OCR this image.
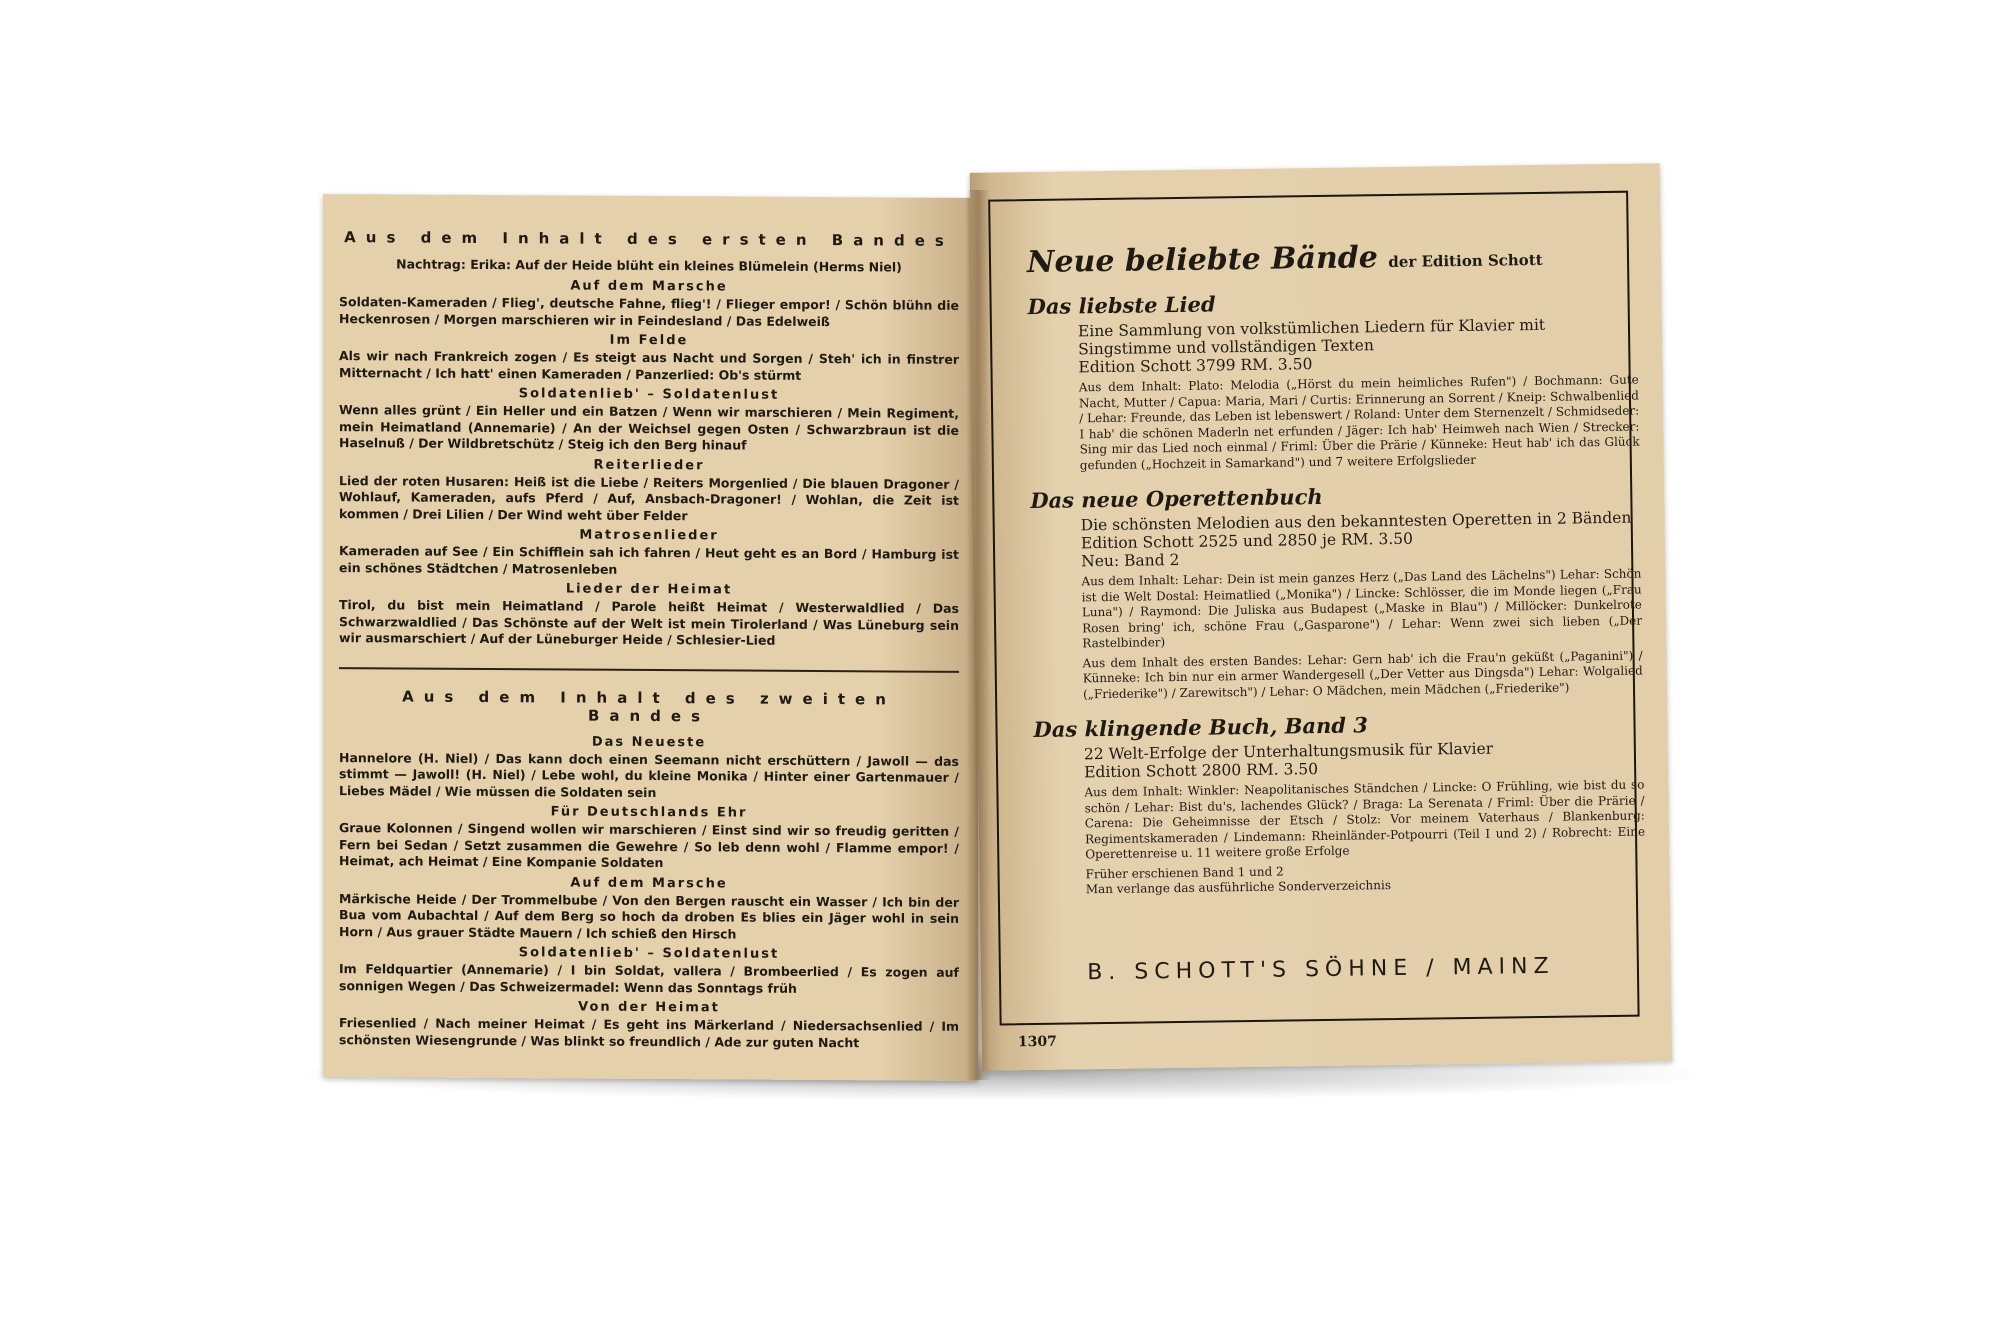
Aus dem Inhalt des ersten Bandes
Nachtrag: Erika: Auf der Heide blüht ein kleines Blümelein (Herms Niel)
Auf dem Marsche
Soldaten-Kameraden / Flieg', deutsche Fahne, flieg'! / Flieger empor! / Schön blühn die Heckenrosen / Morgen marschieren wir in Feindesland / Das Edelweiß
Im Felde
Als wir nach Frankreich zogen / Es steigt aus Nacht und Sorgen / Steh' ich in finstrer Mitternacht / Ich hatt' einen Kameraden / Panzerlied: Ob's stürmt
Soldatenlieb' – Soldatenlust
Wenn alles grünt / Ein Heller und ein Batzen / Wenn wir marschieren / Mein Regiment, mein Heimatland (Annemarie) / An der Weichsel gegen Osten / Schwarzbraun ist die Haselnuß / Der Wildbretschütz / Steig ich den Berg hinauf
Reiterlieder
Lied der roten Husaren: Heiß ist die Liebe / Reiters Morgenlied / Die blauen Dragoner / Wohlauf, Kameraden, aufs Pferd / Auf, Ansbach-Dragoner! / Wohlan, die Zeit ist kommen / Drei Lilien / Der Wind weht über Felder
Matrosenlieder
Kameraden auf See / Ein Schifflein sah ich fahren / Heut geht es an Bord / Hamburg ist ein schönes Städtchen / Matrosenleben
Lieder der Heimat
Tirol, du bist mein Heimatland / Parole heißt Heimat / Westerwaldlied / Das Schwarzwaldlied / Das Schönste auf der Welt ist mein Tirolerland / Was Lüneburg sein wir ausmarschiert / Auf der Lüneburger Heide / Schlesier-Lied
Aus dem Inhalt des zweiten Bandes
Das Neueste
Hannelore (H. Niel) / Das kann doch einen Seemann nicht erschüttern / Jawoll — das stimmt — Jawoll! (H. Niel) / Lebe wohl, du kleine Monika / Hinter einer Gartenmauer / Liebes Mädel / Wie müssen die Soldaten sein
Für Deutschlands Ehr
Graue Kolonnen / Singend wollen wir marschieren / Einst sind wir so freudig geritten / Fern bei Sedan / Setzt zusammen die Gewehre / So leb denn wohl / Flamme empor! / Heimat, ach Heimat / Eine Kompanie Soldaten
Auf dem Marsche
Märkische Heide / Der Trommelbube / Von den Bergen rauscht ein Wasser / Ich bin der Bua vom Aubachtal / Auf dem Berg so hoch da droben Es blies ein Jäger wohl in sein Horn / Aus grauer Städte Mauern / Ich schieß den Hirsch
Soldatenlieb' – Soldatenlust
Im Feldquartier (Annemarie) / I bin Soldat, vallera / Brombeerlied / Es zogen auf sonnigen Wegen / Das Schweizermadel: Wenn das Sonntags früh
Von der Heimat
Friesenlied / Nach meiner Heimat / Es geht ins Märkerland / Niedersachsenlied / Im schönsten Wiesengrunde / Was blinkt so freundlich / Ade zur guten Nacht
Neue beliebte Bände der Edition Schott
Das liebste Lied
Eine Sammlung von volkstümlichen Liedern für Klavier mit Singstimme und vollständigen Texten
Edition Schott 3799 RM. 3.50
Aus dem Inhalt: Plato: Melodia („Hörst du mein heimliches Rufen") / Bochmann: Gute Nacht, Mutter / Capua: Maria, Mari / Curtis: Erinnerung an Sorrent / Kneip: Schwalbenlied / Lehar: Freunde, das Leben ist lebenswert / Roland: Unter dem Sternenzelt / Schmidseder: I hab' die schönen Maderln net erfunden / Jäger: Ich hab' Heimweh nach Wien / Strecker: Sing mir das Lied noch einmal / Friml: Über die Prärie / Künneke: Heut hab' ich das Glück gefunden („Hochzeit in Samarkand") und 7 weitere Erfolgslieder
Das neue Operettenbuch
Die schönsten Melodien aus den bekanntesten Operetten in 2 Bänden Edition Schott 2525 und 2850 je RM. 3.50
Neu: Band 2
Aus dem Inhalt: Lehar: Dein ist mein ganzes Herz („Das Land des Lächelns") Lehar: Schön ist die Welt Dostal: Heimatlied („Monika") / Lincke: Schlösser, die im Monde liegen („Frau Luna") / Raymond: Die Juliska aus Budapest („Maske in Blau") / Millöcker: Dunkelrote Rosen bring' ich, schöne Frau („Gasparone") / Lehar: Wenn zwei sich lieben („Der Rastelbinder)
Aus dem Inhalt des ersten Bandes: Lehar: Gern hab' ich die Frau'n geküßt („Paganini") / Künneke: Ich bin nur ein armer Wandergesell („Der Vetter aus Dingsda") Lehar: Wolgalied („Friederike") / Zarewitsch") / Lehar: O Mädchen, mein Mädchen („Friederike")
Das klingende Buch, Band 3
22 Welt-Erfolge der Unterhaltungsmusik für Klavier
Edition Schott 2800 RM. 3.50
Aus dem Inhalt: Winkler: Neapolitanisches Ständchen / Lincke: O Frühling, wie bist du so schön / Lehar: Bist du's, lachendes Glück? / Braga: La Serenata / Friml: Über die Prärie / Carena: Die Geheimnisse der Etsch / Stolz: Vor meinem Vaterhaus / Blankenburg: Regimentskameraden / Lindemann: Rheinländer-Potpourri (Teil I und 2) / Robrecht: Eine Operettenreise u. 11 weitere große Erfolge
Früher erschienen Band 1 und 2
Man verlange das ausführliche Sonderverzeichnis
B. SCHOTT'S SÖHNE / MAINZ
1307
